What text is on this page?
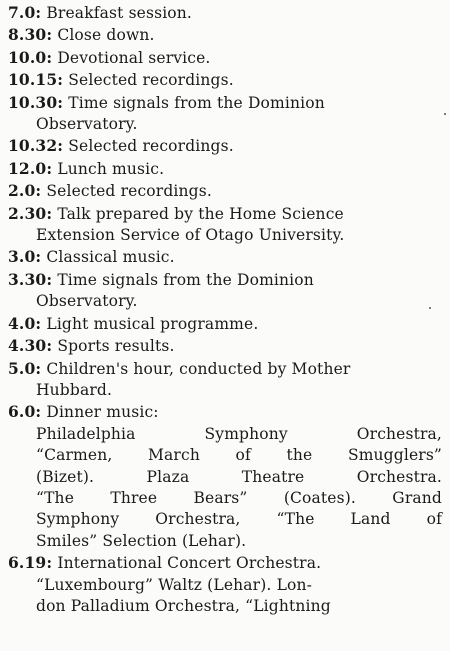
7.0: Breakfast session.
8.30: Close down.
10.0: Devotional service.
10.15: Selected recordings.
10.30: Time signals from the Dominion
Observatory.
10.32: Selected recordings.
12.0: Lunch music.
2.0: Selected recordings.
2.30: Talk prepared by the Home Science
Extension Service of Otago University.
3.0: Classical music.
3.30: Time signals from the Dominion
Observatory.
4.0: Light musical programme.
4.30: Sports results.
5.0: Children's hour, conducted by Mother
Hubbard.
6.0: Dinner music:
Philadelphia Symphony Orchestra,
“Carmen, March of the Smugglers”
(Bizet). Plaza Theatre Orchestra.
“The Three Bears” (Coates). Grand
Symphony Orchestra, “The Land of
Smiles” Selection (Lehar).
6.19: International Concert Orchestra.
“Luxembourg” Waltz (Lehar). Lon-
don Palladium Orchestra, “Lightning
